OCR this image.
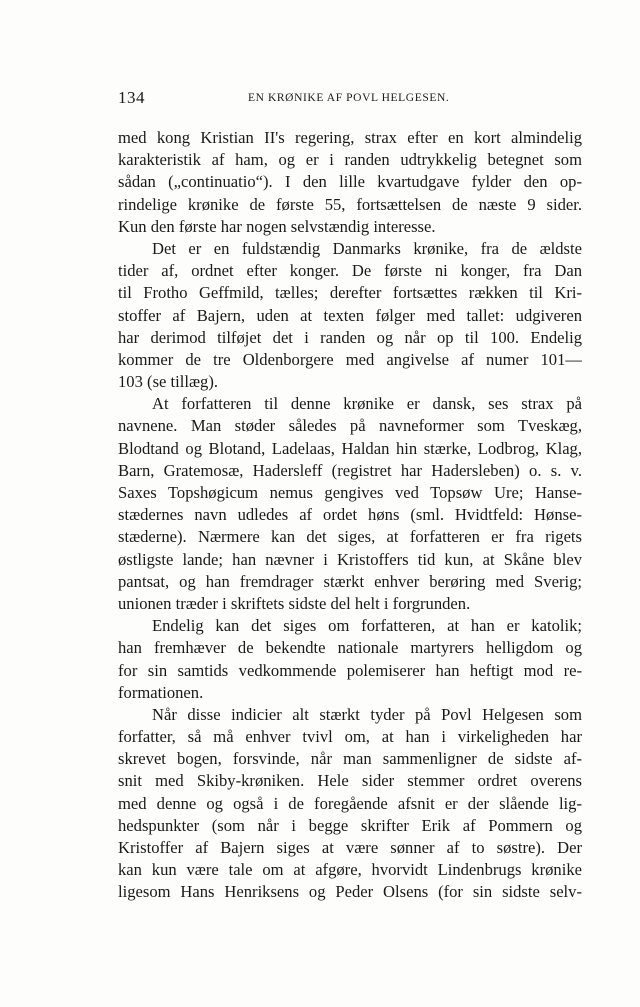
134	EN KRØNIKE AF POVL HELGESEN.
med kong Kristian II's regering, strax efter en kort almindelig
karakteristik af ham, og er i randen udtrykkelig betegnet som
sådan („continuatio“). I den lille kvartudgave fylder den op-
rindelige krønike de første 55, fortsættelsen de næste 9 sider.
Kun den første har nogen selvstændig interesse.
Det er en fuldstændig Danmarks krønike, fra de ældste
tider af, ordnet efter konger. De første ni konger, fra Dan
til Frotho Geffmild, tælles; derefter fortsættes rækken til Kri-
stoffer af Bajern, uden at texten følger med tallet: udgiveren
har derimod tilføjet det i randen og når op til 100. Endelig
kommer de tre Oldenborgere med angivelse af numer 101—
103 (se tillæg).
At forfatteren til denne krønike er dansk, ses strax på
navnene. Man støder således på navneformer som Tveskæg,
Blodtand og Blotand, Ladelaas, Haldan hin stærke, Lodbrog, Klag,
Barn, Gratemosæ, Hadersleff (registret har Hadersleben) o. s. v.
Saxes Topshøgicum nemus gengives ved Topsøw Ure; Hanse-
stædernes navn udledes af ordet høns (sml. Hvidtfeld: Hønse-
stæderne). Nærmere kan det siges, at forfatteren er fra rigets
østligste lande; han nævner i Kristoffers tid kun, at Skåne blev
pantsat, og han fremdrager stærkt enhver berøring med Sverig;
unionen træder i skriftets sidste del helt i forgrunden.
Endelig kan det siges om forfatteren, at han er katolik;
han fremhæver de bekendte nationale martyrers helligdom og
for sin samtids vedkommende polemiserer han heftigt mod re-
formationen.
Når disse indicier alt stærkt tyder på Povl Helgesen som
forfatter, så må enhver tvivl om, at han i virkeligheden har
skrevet bogen, forsvinde, når man sammenligner de sidste af-
snit med Skiby-krøniken. Hele sider stemmer ordret overens
med denne og også i de foregående afsnit er der slående lig-
hedspunkter (som når i begge skrifter Erik af Pommern og
Kristoffer af Bajern siges at være sønner af to søstre). Der
kan kun være tale om at afgøre, hvorvidt Lindenbrugs krønike
ligesom Hans Henriksens og Peder Olsens (for sin sidste selv-
